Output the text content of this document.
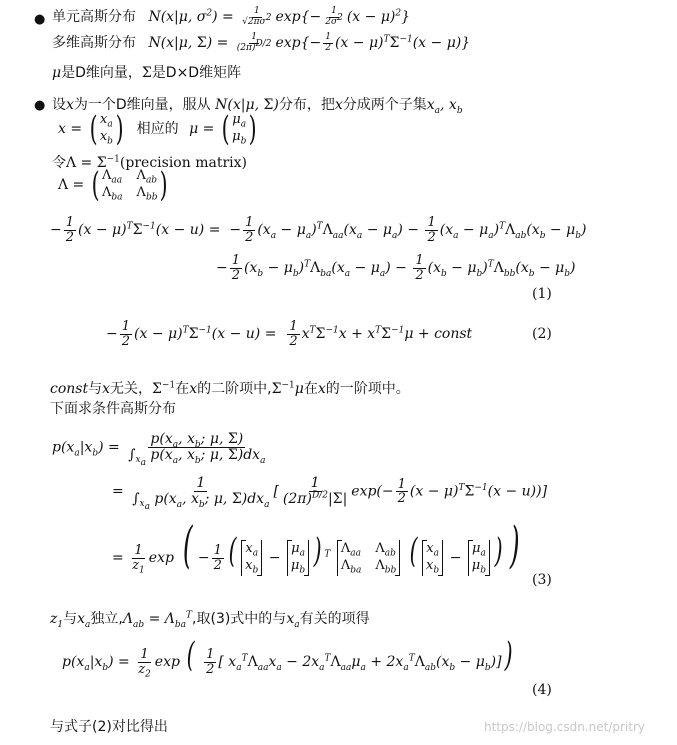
● 单元高斯分布 N(x|μ, $\sigma^2) = \frac{1}{√2\pi\sigma^2} \exp\{- \frac{1}{2\sigma^2} (x - \mu)^2\}$
多维高斯分布 N(x|μ, $\Sigma) = \frac{1}{(2\pi)^{D/2}} \exp\{- \frac{1}{2} (x - \mu)^T\Sigma^{-1}(x - \mu)\}$
μ是D维向量，Σ是D×D维矩阵
● 设x为一个D维向量，服从 N(x|μ, Σ)分布，把x分成两个子集$x_a$, $x_b$
x = ( $x_a$
$x_b$ ) 相应的 μ = ( $\mu_a$
$\mu_b$ )
令$\Lambda = \Sigma^{-1}(precision$ matrix)
Λ = ( $\Lambda_{aa}$ $\Lambda_{ab}$
$\Lambda_{ba}$ $\Lambda_{bb}$ )
− $\frac{1}{2} (x - \mu)^T\Sigma^{-1}(x - u)$ =  − $\frac{1}{2} (x_a - \mu_a)^T\Lambda_{aa}(x_a - \mu_a) - \frac{1}{2} (x_a - \mu_a)^T\Lambda_{ab}(x_b - \mu_b)$
− $\frac{1}{2} (x_b - \mu_b)^T\Lambda_{ba}(x_a - \mu_a) - \frac{1}{2} (x_b - \mu_b)^T\Lambda_{bb}(x_b - \mu_b)$
(1)
− $\frac{1}{2} (x - \mu)^T\Sigma^{-1}(x - u) = \frac{1}{2} x^T\Sigma^{-1}x + x^T\Sigma^{-1}\mu$ + const	(2)
const与x无关，$\Sigma^{-1}$在x的二阶项中$,\Sigma^{-1}\mu$在x的一阶项中。
下面求条件高斯分布
$p(x_a|x_b) = \frac{p(x_a, x_b; \mu, \Sigma)}{\int_{x_a} p(x_a, x_b; \mu, \Sigma)dx_a}$
= $\frac{1}{\int_{x_a} p(x_a, x_b; \mu, \Sigma)dx_a}$ [ $\frac{1}{(2\pi)^{D/2}|\Sigma|} \exp(- \frac{1}{2} (x - \mu)^T\Sigma^{-1}(x - u))$]
= $\frac{1}{z_1}$ exp ( − $\frac{1}{2}$ ( $x_a$
$x_b$
−
$\mu_a$
$\mu_b$ ) $^T$ $\Lambda_{aa}$ $\Lambda_{ab}$
$\Lambda_{ba}$ $\Lambda_{bb}$ ( $x_a$
$x_b$
−
$\mu_a$
$\mu_b$ ) )
(3)
$z_1$与$x_a$独立$,\Lambda_{ab} = \Lambda_{ba}^T$,取(3)式中的与$x_a$有关的项得
$p(x_a|x_b) = \frac{1}{z_2}$ exp ( $\frac{1}{2}$ [ $x_a^T\Lambda_{aa}x_a - 2x_a^T\Lambda_{aa}\mu_a + 2x_a^T\Lambda_{ab}(x_b - \mu_b)$])
(4)
与式子(2)对比得出	https://blog.csdn.net/pritry
